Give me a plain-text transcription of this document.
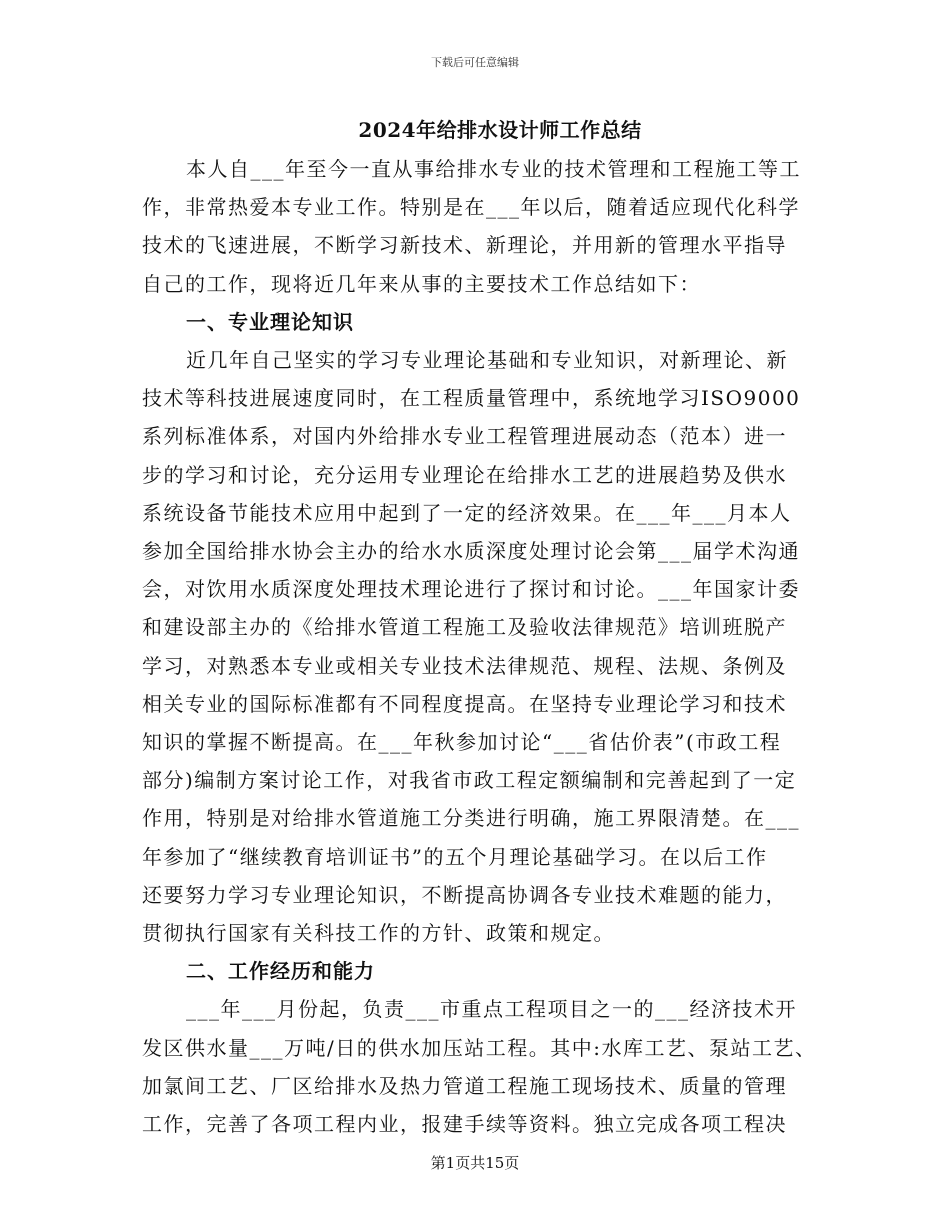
下载后可任意编辑
2024年给排水设计师工作总结
本人自___年至今一直从事给排水专业的技术管理和工程施工等工
作，非常热爱本专业工作。特别是在___年以后，随着适应现代化科学
技术的飞速进展，不断学习新技术、新理论，并用新的管理水平指导
自己的工作，现将近几年来从事的主要技术工作总结如下：
一、专业理论知识
近几年自己坚实的学习专业理论基础和专业知识，对新理论、新
技术等科技进展速度同时，在工程质量管理中，系统地学习ISO9000
系列标准体系，对国内外给排水专业工程管理进展动态（范本）进一
步的学习和讨论，充分运用专业理论在给排水工艺的进展趋势及供水
系统设备节能技术应用中起到了一定的经济效果。在___年___月本人
参加全国给排水协会主办的给水水质深度处理讨论会第___届学术沟通
会，对饮用水质深度处理技术理论进行了探讨和讨论。___年国家计委
和建设部主办的《给排水管道工程施工及验收法律规范》培训班脱产
学习，对熟悉本专业或相关专业技术法律规范、规程、法规、条例及
相关专业的国际标准都有不同程度提高。在坚持专业理论学习和技术
知识的掌握不断提高。在___年秋参加讨论“___省估价表”(市政工程
部分)编制方案讨论工作，对我省市政工程定额编制和完善起到了一定
作用，特别是对给排水管道施工分类进行明确，施工界限清楚。在___
年参加了“继续教育培训证书”的五个月理论基础学习。在以后工作
还要努力学习专业理论知识，不断提高协调各专业技术难题的能力，
贯彻执行国家有关科技工作的方针、政策和规定。
二、工作经历和能力
___年___月份起，负责___市重点工程项目之一的___经济技术开
发区供水量___万吨/日的供水加压站工程。其中:水库工艺、泵站工艺、
加氯间工艺、厂区给排水及热力管道工程施工现场技术、质量的管理
工作，完善了各项工程内业，报建手续等资料。独立完成各项工程决
第1页共15页
